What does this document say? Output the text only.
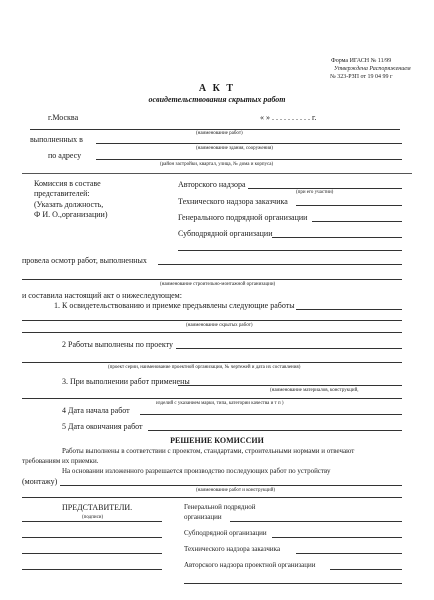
Форма ИГАСН № 11/99
Утверждена Распоряжением
№ 323-РЗП от 19 04 99 г
А К Т
освидетельствования скрытых работ
г.Москва	« » . . . . . . . . . . г.
(наименование работ)
выполненных в
(наименование здания, сооружения)
по адресу
(район застройки, квартал, улица, № дома и корпуса)
Комиссия в составе
представителей:
(Указать должность,
Ф И. О.,организации)
Авторского надзора
(при его участии)
Технического надзора заказчика
Генерального подрядной организации
Субподрядной организации
провела осмотр работ, выполненных
(наименование строительно-монтажной организации)
и составила настоящий акт о нижеследующем:
1. К освидетельствованию и приемке предъявлены следующие работы
(наименование скрытых работ)
2 Работы выполнены по проекту
(проект серии, наименование проектной организации, № чертежей и дата их составления)
3. При выполнении работ применены
(наименование материалов, конструкций,
изделий с указанием марки, типа, категории качества и т п )
4 Дата начала работ
5 Дата окончания работ
РЕШЕНИЕ КОМИССИИ
Работы выполнены в соответствии с проектом, стандартами, строительными нормами и отвечают
требованиям их приемки.
На основании изложенного разрешается производство последующих работ по устройству
(монтажу)
(наименование работ и конструкций)
ПРЕДСТАВИТЕЛИ.
(подписи)
Генеральной подрядной
организации
Субподрядной организации
Технического надзора заказчика
Авторского надзора проектной организации
